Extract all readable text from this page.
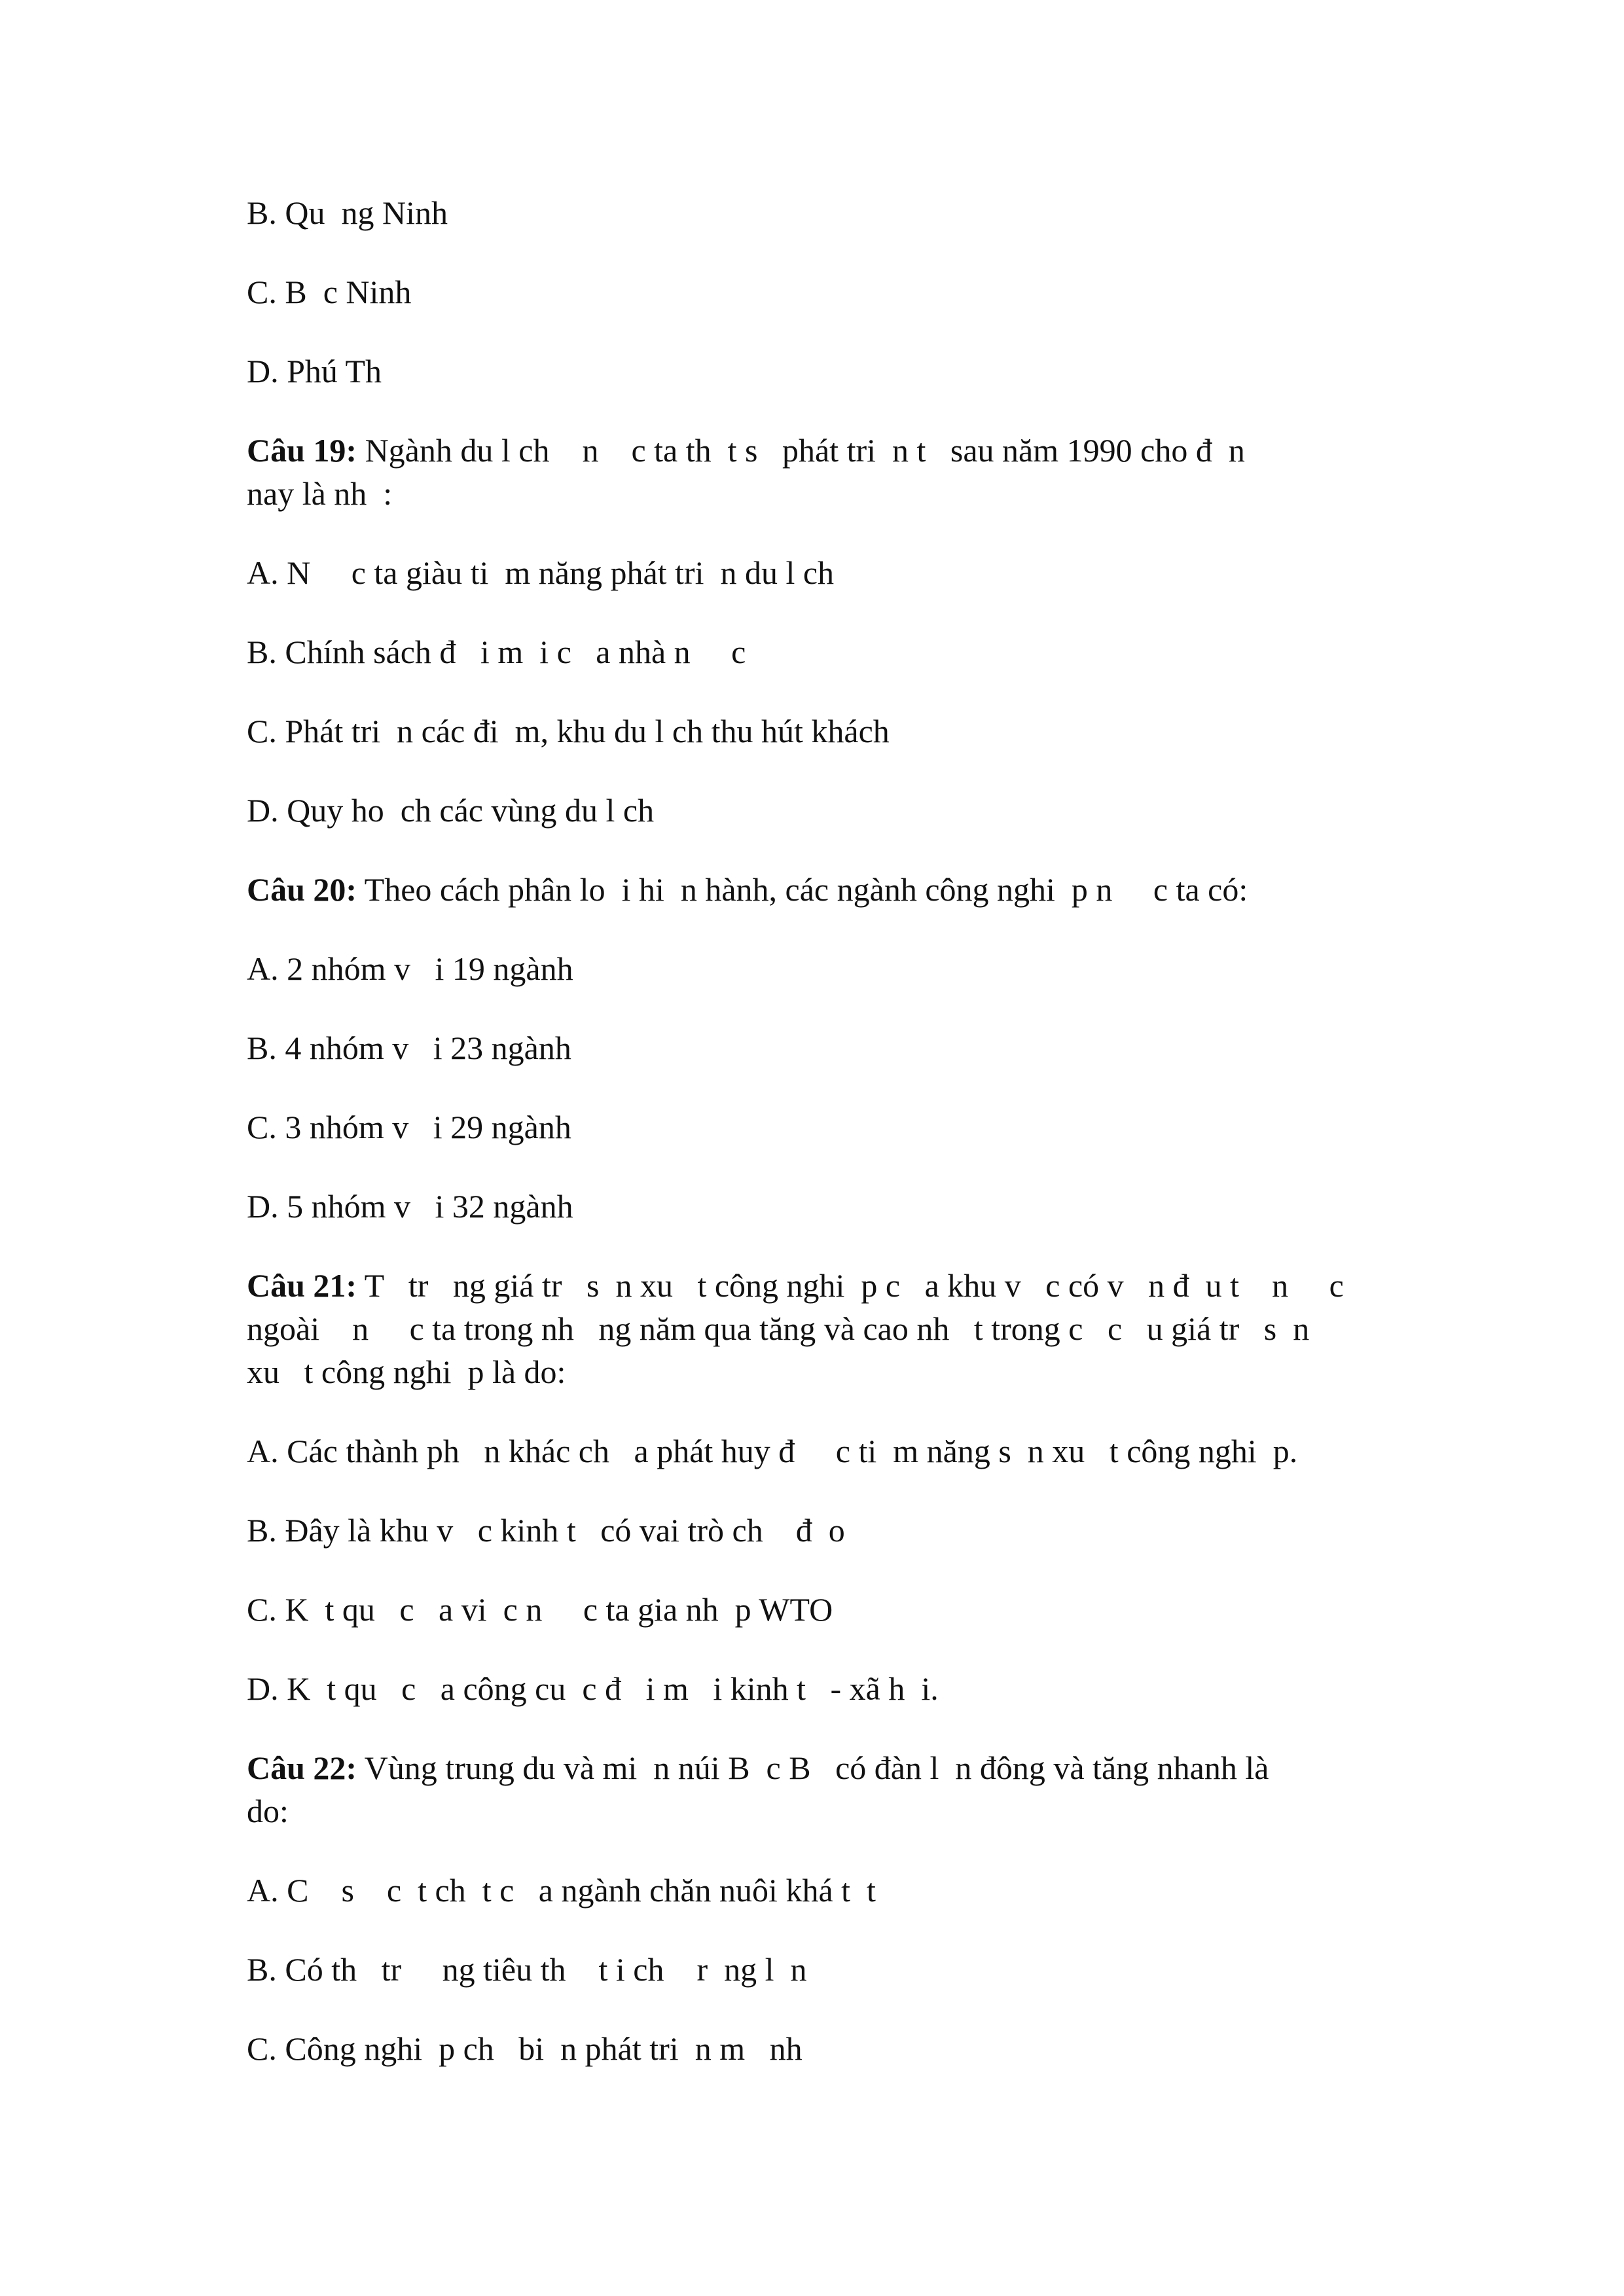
B. Qu  ng Ninh

C. B  c Ninh

D. Phú Th

Câu 19: Ngành du l ch    n    c ta th  t s   phát tri  n t   sau năm 1990 cho đ  n

nay là nh  :

A. N     c ta giàu ti  m năng phát tri  n du l ch

B. Chính sách đ   i m  i c   a nhà n     c

C. Phát tri  n các đi  m, khu du l ch thu hút khách

D. Quy ho  ch các vùng du l ch

Câu 20: Theo cách phân lo  i hi  n hành, các ngành công nghi  p n     c ta có:

A. 2 nhóm v   i 19 ngành

B. 4 nhóm v   i 23 ngành

C. 3 nhóm v   i 29 ngành

D. 5 nhóm v   i 32 ngành

Câu 21: T   tr   ng giá tr   s  n xu   t công nghi  p c   a khu v   c có v   n đ  u t    n     c

ngoài    n     c ta trong nh   ng năm qua tăng và cao nh   t trong c   c   u giá tr   s  n

xu   t công nghi  p là do:

A. Các thành ph   n khác ch   a phát huy đ     c ti  m năng s  n xu   t công nghi  p.

B. Đây là khu v   c kinh t   có vai trò ch    đ  o

C. K  t qu   c   a vi  c n     c ta gia nh  p WTO

D. K  t qu   c   a công cu  c đ   i m   i kinh t   - xã h  i.

Câu 22: Vùng trung du và mi  n núi B  c B   có đàn l  n đông và tăng nhanh là

do:

A. C    s    c  t ch  t c   a ngành chăn nuôi khá t  t

B. Có th   tr     ng tiêu th    t i ch    r  ng l  n

C. Công nghi  p ch   bi  n phát tri  n m   nh
